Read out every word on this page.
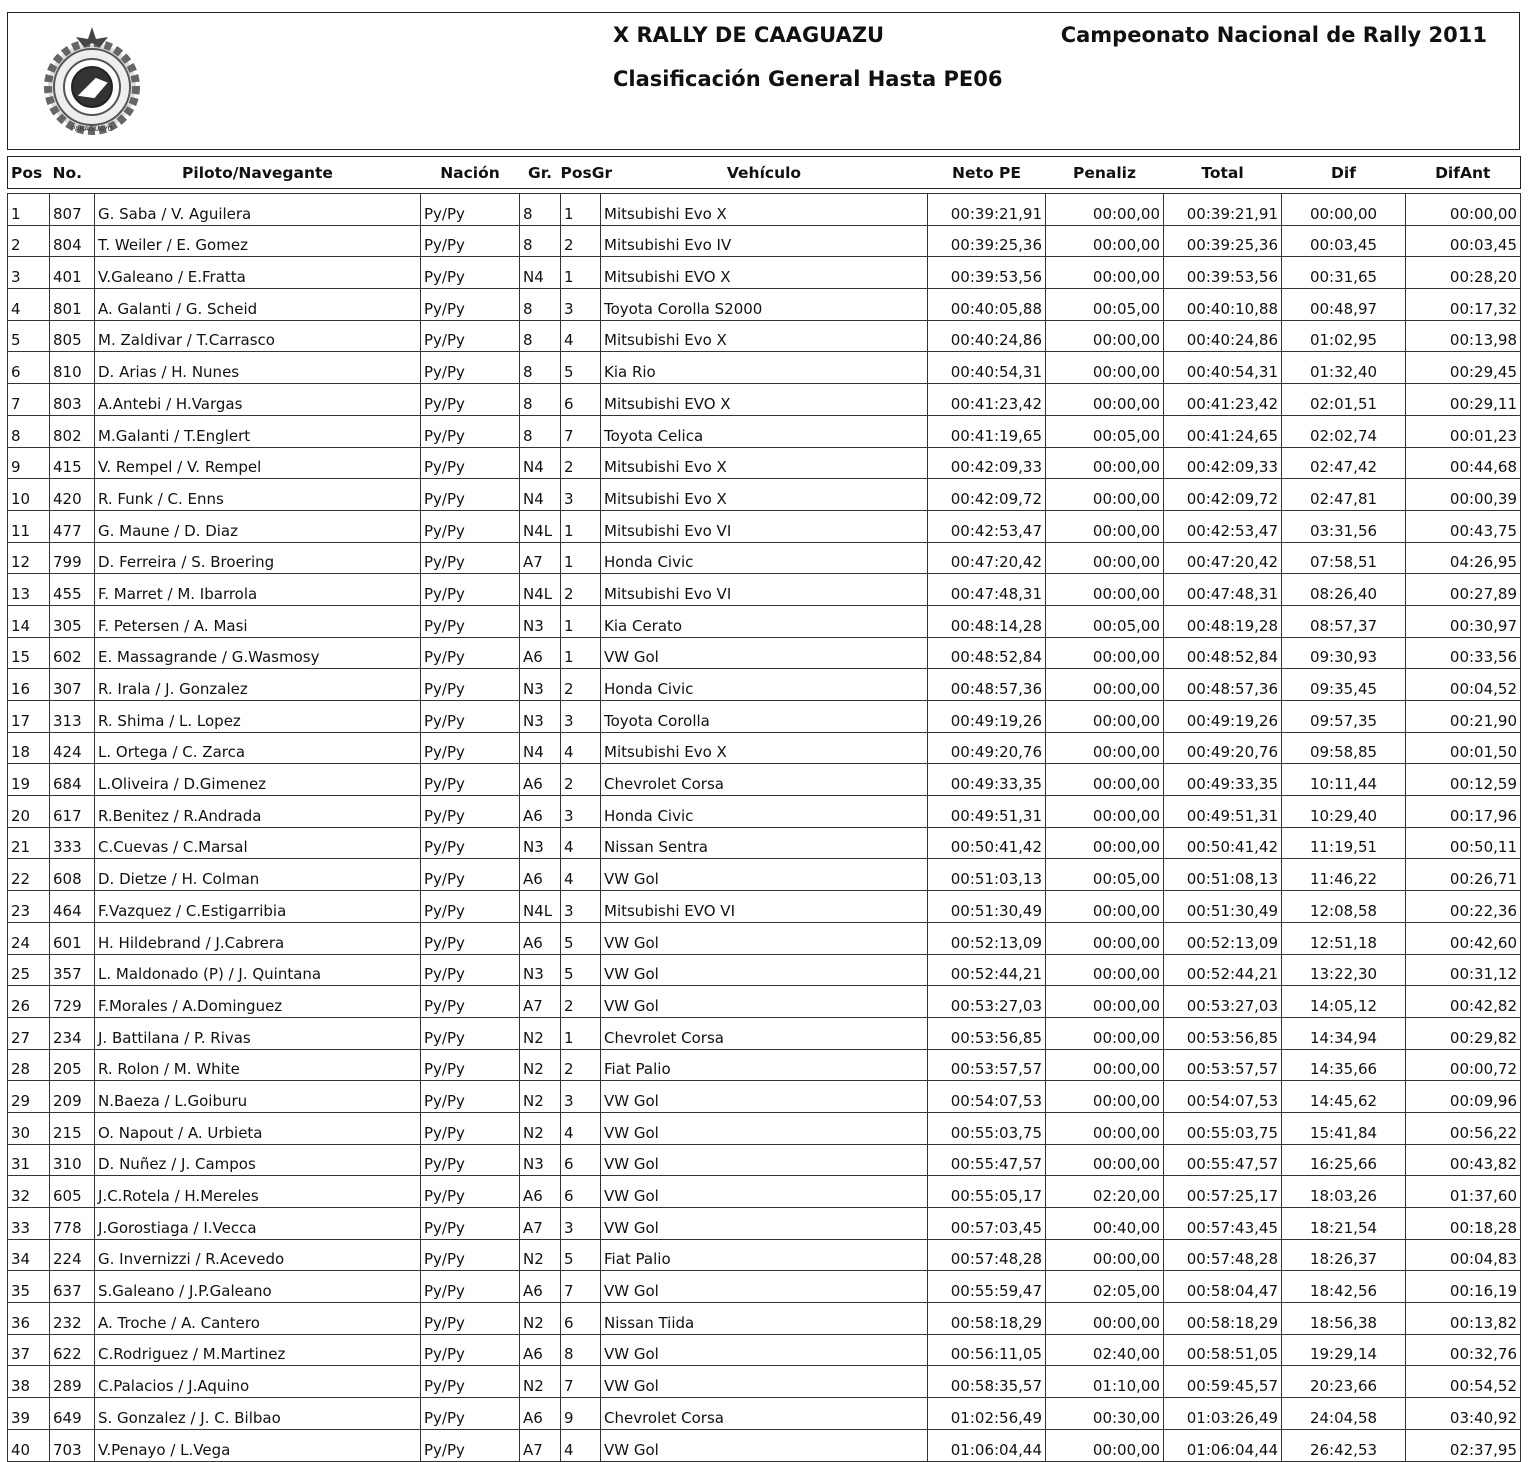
PARAGUAYO
X RALLY DE CAAGUAZU
Clasificación General Hasta PE06
Campeonato Nacional de Rally 2011
Pos	No.	Piloto/Navegante	Nación	Gr.	PosGr	Vehículo	Neto PE	Penaliz	Total	Dif	DifAnt

1	807	G. Saba / V. Aguilera	Py/Py	8	1	Mitsubishi Evo X	00:39:21,91	00:00,00	00:39:21,91	00:00,00	00:00,00
2	804	T. Weiler / E. Gomez	Py/Py	8	2	Mitsubishi Evo IV	00:39:25,36	00:00,00	00:39:25,36	00:03,45	00:03,45
3	401	V.Galeano / E.Fratta	Py/Py	N4	1	Mitsubishi EVO X	00:39:53,56	00:00,00	00:39:53,56	00:31,65	00:28,20
4	801	A. Galanti / G. Scheid	Py/Py	8	3	Toyota Corolla S2000	00:40:05,88	00:05,00	00:40:10,88	00:48,97	00:17,32
5	805	M. Zaldivar / T.Carrasco	Py/Py	8	4	Mitsubishi Evo X	00:40:24,86	00:00,00	00:40:24,86	01:02,95	00:13,98
6	810	D. Arias / H. Nunes	Py/Py	8	5	Kia Rio	00:40:54,31	00:00,00	00:40:54,31	01:32,40	00:29,45
7	803	A.Antebi / H.Vargas	Py/Py	8	6	Mitsubishi EVO X	00:41:23,42	00:00,00	00:41:23,42	02:01,51	00:29,11
8	802	M.Galanti / T.Englert	Py/Py	8	7	Toyota Celica	00:41:19,65	00:05,00	00:41:24,65	02:02,74	00:01,23
9	415	V. Rempel / V. Rempel	Py/Py	N4	2	Mitsubishi Evo X	00:42:09,33	00:00,00	00:42:09,33	02:47,42	00:44,68
10	420	R. Funk / C. Enns	Py/Py	N4	3	Mitsubishi Evo X	00:42:09,72	00:00,00	00:42:09,72	02:47,81	00:00,39
11	477	G. Maune / D. Diaz	Py/Py	N4L	1	Mitsubishi Evo VI	00:42:53,47	00:00,00	00:42:53,47	03:31,56	00:43,75
12	799	D. Ferreira / S. Broering	Py/Py	A7	1	Honda Civic	00:47:20,42	00:00,00	00:47:20,42	07:58,51	04:26,95
13	455	F. Marret / M. Ibarrola	Py/Py	N4L	2	Mitsubishi Evo VI	00:47:48,31	00:00,00	00:47:48,31	08:26,40	00:27,89
14	305	F. Petersen / A. Masi	Py/Py	N3	1	Kia Cerato	00:48:14,28	00:05,00	00:48:19,28	08:57,37	00:30,97
15	602	E. Massagrande / G.Wasmosy	Py/Py	A6	1	VW Gol	00:48:52,84	00:00,00	00:48:52,84	09:30,93	00:33,56
16	307	R. Irala / J. Gonzalez	Py/Py	N3	2	Honda Civic	00:48:57,36	00:00,00	00:48:57,36	09:35,45	00:04,52
17	313	R. Shima / L. Lopez	Py/Py	N3	3	Toyota Corolla	00:49:19,26	00:00,00	00:49:19,26	09:57,35	00:21,90
18	424	L. Ortega / C. Zarca	Py/Py	N4	4	Mitsubishi Evo X	00:49:20,76	00:00,00	00:49:20,76	09:58,85	00:01,50
19	684	L.Oliveira / D.Gimenez	Py/Py	A6	2	Chevrolet Corsa	00:49:33,35	00:00,00	00:49:33,35	10:11,44	00:12,59
20	617	R.Benitez / R.Andrada	Py/Py	A6	3	Honda Civic	00:49:51,31	00:00,00	00:49:51,31	10:29,40	00:17,96
21	333	C.Cuevas / C.Marsal	Py/Py	N3	4	Nissan Sentra	00:50:41,42	00:00,00	00:50:41,42	11:19,51	00:50,11
22	608	D. Dietze / H. Colman	Py/Py	A6	4	VW Gol	00:51:03,13	00:05,00	00:51:08,13	11:46,22	00:26,71
23	464	F.Vazquez / C.Estigarribia	Py/Py	N4L	3	Mitsubishi EVO VI	00:51:30,49	00:00,00	00:51:30,49	12:08,58	00:22,36
24	601	H. Hildebrand / J.Cabrera	Py/Py	A6	5	VW Gol	00:52:13,09	00:00,00	00:52:13,09	12:51,18	00:42,60
25	357	L. Maldonado (P) / J. Quintana	Py/Py	N3	5	VW Gol	00:52:44,21	00:00,00	00:52:44,21	13:22,30	00:31,12
26	729	F.Morales / A.Dominguez	Py/Py	A7	2	VW Gol	00:53:27,03	00:00,00	00:53:27,03	14:05,12	00:42,82
27	234	J. Battilana / P. Rivas	Py/Py	N2	1	Chevrolet Corsa	00:53:56,85	00:00,00	00:53:56,85	14:34,94	00:29,82
28	205	R. Rolon / M. White	Py/Py	N2	2	Fiat Palio	00:53:57,57	00:00,00	00:53:57,57	14:35,66	00:00,72
29	209	N.Baeza / L.Goiburu	Py/Py	N2	3	VW Gol	00:54:07,53	00:00,00	00:54:07,53	14:45,62	00:09,96
30	215	O. Napout / A. Urbieta	Py/Py	N2	4	VW Gol	00:55:03,75	00:00,00	00:55:03,75	15:41,84	00:56,22
31	310	D. Nuñez / J. Campos	Py/Py	N3	6	VW Gol	00:55:47,57	00:00,00	00:55:47,57	16:25,66	00:43,82
32	605	J.C.Rotela / H.Mereles	Py/Py	A6	6	VW Gol	00:55:05,17	02:20,00	00:57:25,17	18:03,26	01:37,60
33	778	J.Gorostiaga / I.Vecca	Py/Py	A7	3	VW Gol	00:57:03,45	00:40,00	00:57:43,45	18:21,54	00:18,28
34	224	G. Invernizzi / R.Acevedo	Py/Py	N2	5	Fiat Palio	00:57:48,28	00:00,00	00:57:48,28	18:26,37	00:04,83
35	637	S.Galeano / J.P.Galeano	Py/Py	A6	7	VW Gol	00:55:59,47	02:05,00	00:58:04,47	18:42,56	00:16,19
36	232	A. Troche / A. Cantero	Py/Py	N2	6	Nissan Tiida	00:58:18,29	00:00,00	00:58:18,29	18:56,38	00:13,82
37	622	C.Rodriguez / M.Martinez	Py/Py	A6	8	VW Gol	00:56:11,05	02:40,00	00:58:51,05	19:29,14	00:32,76
38	289	C.Palacios / J.Aquino	Py/Py	N2	7	VW Gol	00:58:35,57	01:10,00	00:59:45,57	20:23,66	00:54,52
39	649	S. Gonzalez / J. C. Bilbao	Py/Py	A6	9	Chevrolet Corsa	01:02:56,49	00:30,00	01:03:26,49	24:04,58	03:40,92
40	703	V.Penayo / L.Vega	Py/Py	A7	4	VW Gol	01:06:04,44	00:00,00	01:06:04,44	26:42,53	02:37,95
